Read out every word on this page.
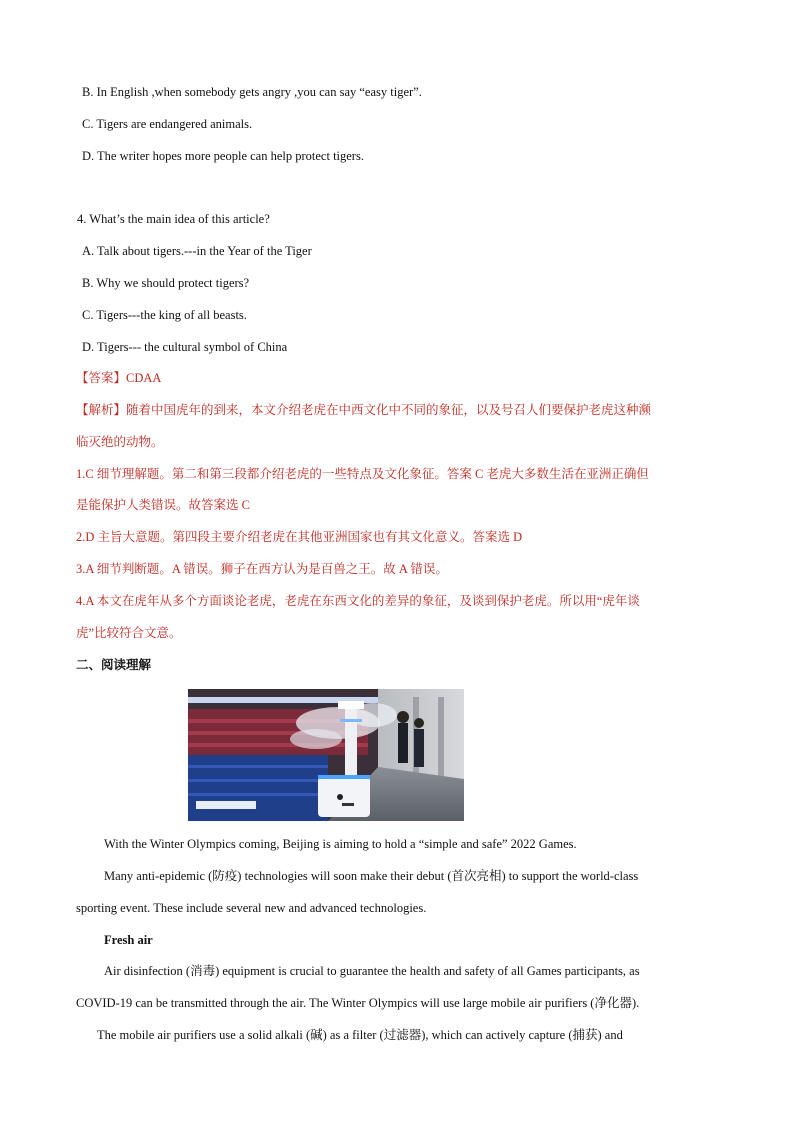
B. In English ,when somebody gets angry ,you can say “easy tiger”.
C. Tigers are endangered animals.
D. The writer hopes more people can help protect tigers.
4. What’s the main idea of this article?
A. Talk about tigers.---in the Year of the Tiger
B. Why we should protect tigers?
C. Tigers---the king of all beasts.
D. Tigers--- the cultural symbol of China
【答案】CDAA
【解析】随着中国虎年的到来，本文介绍老虎在中西文化中不同的象征，以及号召人们要保护老虎这种濒
临灭绝的动物。
1.C 细节理解题。第二和第三段都介绍老虎的一些特点及文化象征。答案 C 老虎大多数生活在亚洲正确但
是能保护人类错误。故答案选 C
2.D 主旨大意题。第四段主要介绍老虎在其他亚洲国家也有其文化意义。答案选 D
3.A 细节判断题。A 错误。狮子在西方认为是百兽之王。故 A 错误。
4.A 本文在虎年从多个方面谈论老虎，老虎在东西文化的差异的象征，及谈到保护老虎。所以用“虎年谈
虎”比较符合文意。
二、阅读理解
With the Winter Olympics coming, Beijing is aiming to hold a “simple and safe” 2022 Games.
Many anti-epidemic (防疫) technologies will soon make their debut (首次亮相) to support the world-class
sporting event. These include several new and advanced technologies.
Fresh air
Air disinfection (消毒) equipment is crucial to guarantee the health and safety of all Games participants, as
COVID-19 can be transmitted through the air. The Winter Olympics will use large mobile air purifiers (净化器).
The mobile air purifiers use a solid alkali (碱) as a filter (过滤器), which can actively capture (捕获) and
